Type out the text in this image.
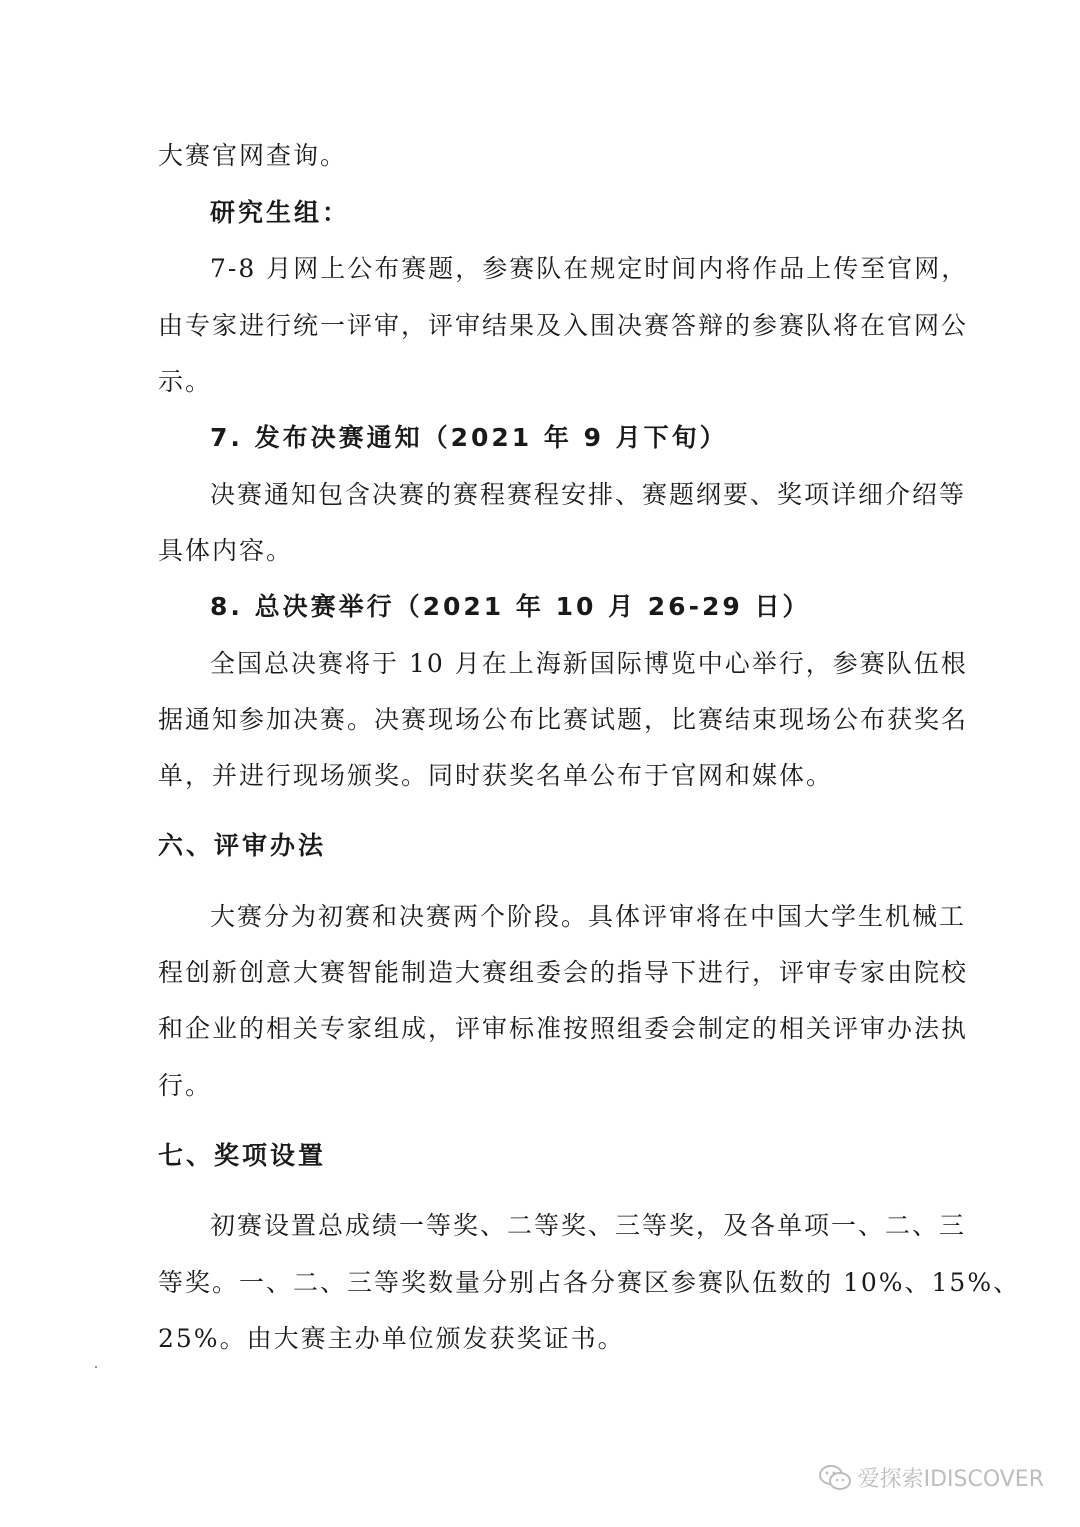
大赛官网查询。
研究生组：
7-8 月网上公布赛题，参赛队在规定时间内将作品上传至官网，
由专家进行统一评审，评审结果及入围决赛答辩的参赛队将在官网公
示。
7. 发布决赛通知（2021 年 9 月下旬）
决赛通知包含决赛的赛程赛程安排、赛题纲要、奖项详细介绍等
具体内容。
8. 总决赛举行（2021 年 10 月 26-29 日）
全国总决赛将于 10 月在上海新国际博览中心举行，参赛队伍根
据通知参加决赛。决赛现场公布比赛试题，比赛结束现场公布获奖名
单，并进行现场颁奖。同时获奖名单公布于官网和媒体。
六、评审办法
大赛分为初赛和决赛两个阶段。具体评审将在中国大学生机械工
程创新创意大赛智能制造大赛组委会的指导下进行，评审专家由院校
和企业的相关专家组成，评审标准按照组委会制定的相关评审办法执
行。
七、奖项设置
初赛设置总成绩一等奖、二等奖、三等奖，及各单项一、二、三
等奖。一、二、三等奖数量分别占各分赛区参赛队伍数的 10%、15%、
25%。由大赛主办单位颁发获奖证书。
爱探索IDISCOVER
